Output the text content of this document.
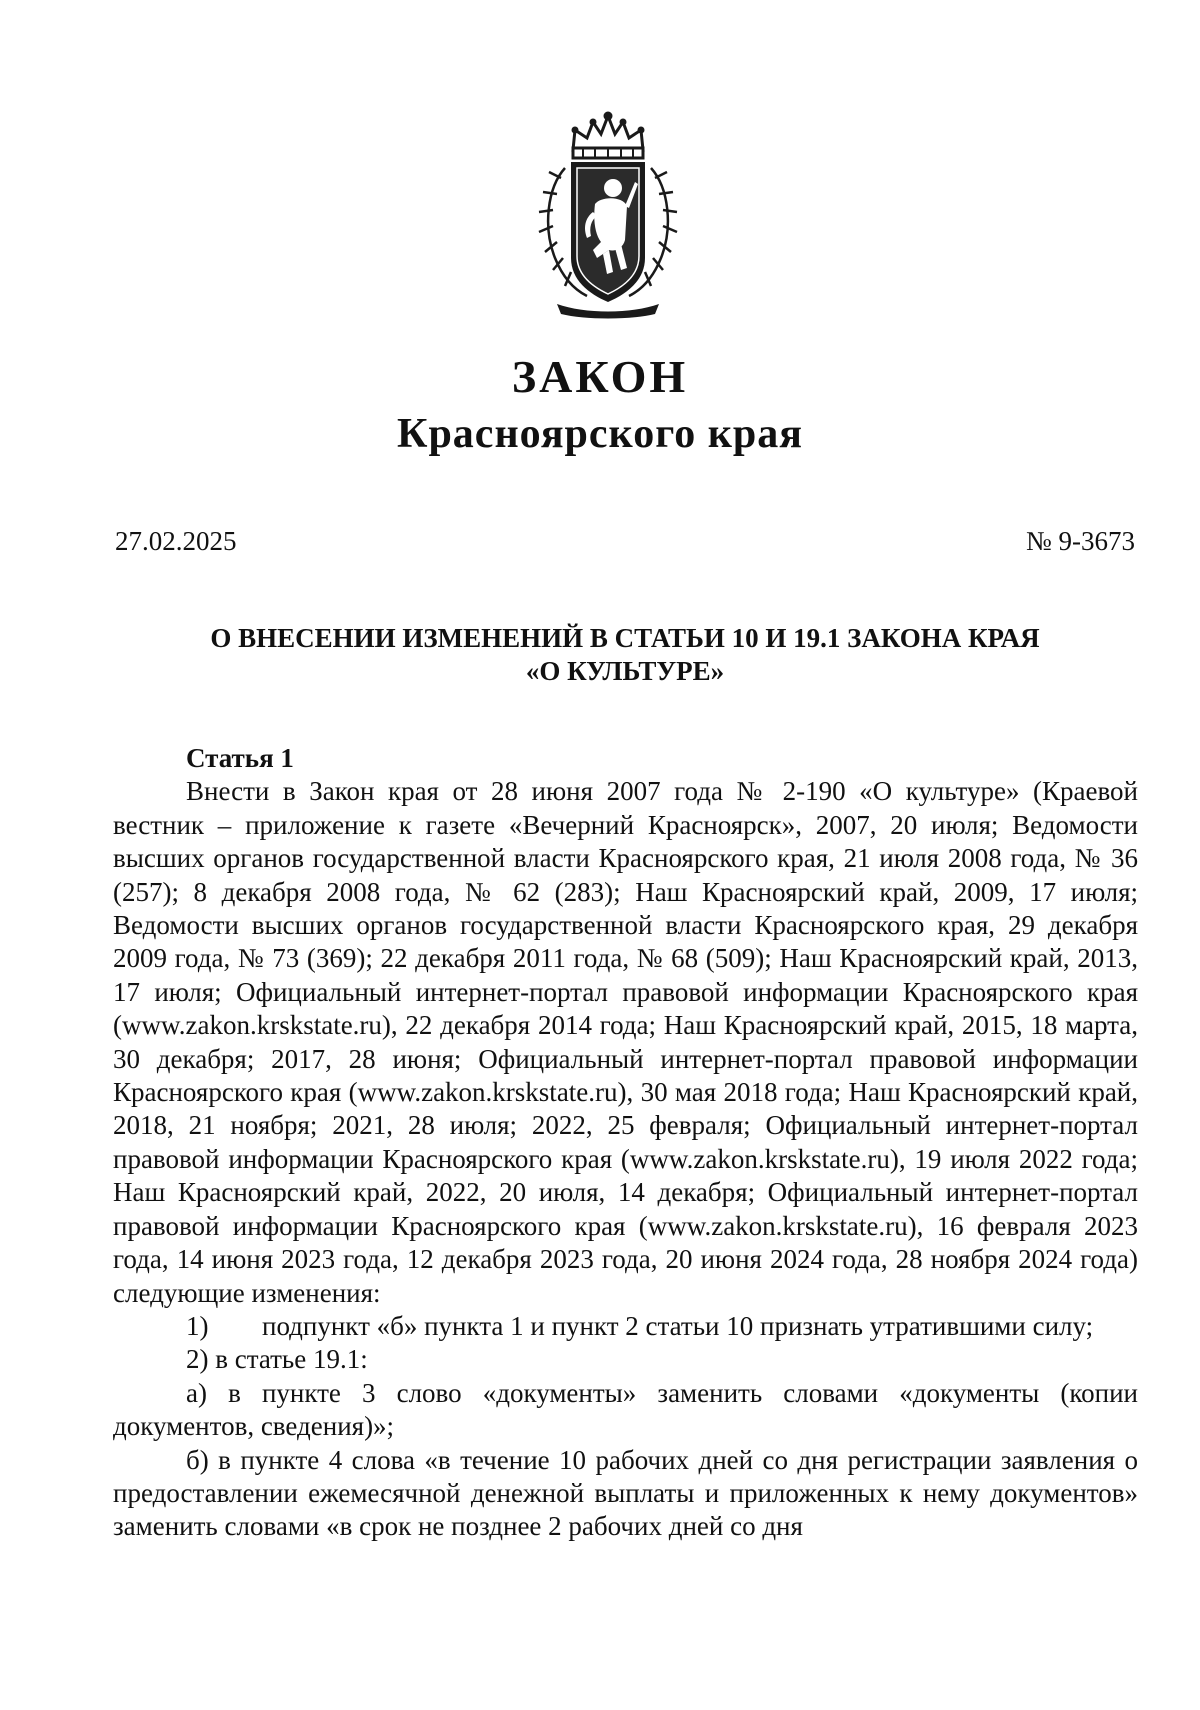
ЗАКОН
Красноярского края
27.02.2025	№ 9-3673
О ВНЕСЕНИИ ИЗМЕНЕНИЙ В СТАТЬИ 10 И 19.1 ЗАКОНА КРАЯ
«О КУЛЬТУРЕ»

Статья 1

Внести в Закон края от 28 июня 2007 года № 2-190 «О культуре» (Краевой вестник – приложение к газете «Вечерний Красноярск», 2007, 20 июля; Ведомости высших органов государственной власти Красноярского края, 21 июля 2008 года, № 36 (257); 8 декабря 2008 года, № 62 (283); Наш Красноярский край, 2009, 17 июля; Ведомости высших органов государственной власти Красноярского края, 29 декабря 2009 года, № 73 (369); 22 декабря 2011 года, № 68 (509); Наш Красноярский край, 2013, 17 июля; Официальный интернет-портал правовой информации Красноярского края (www.zakon.krskstate.ru), 22 декабря 2014 года; Наш Красноярский край, 2015, 18 марта, 30 декабря; 2017, 28 июня; Официальный интернет-портал правовой информации Красноярского края (www.zakon.krskstate.ru), 30 мая 2018 года; Наш Красноярский край, 2018, 21 ноября; 2021, 28 июля; 2022, 25 февраля; Официальный интернет-портал правовой информации Красноярского края (www.zakon.krskstate.ru), 19 июля 2022 года; Наш Красноярский край, 2022, 20 июля, 14 декабря; Официальный интернет-портал правовой информации Красноярского края (www.zakon.krskstate.ru), 16 февраля 2023 года, 14 июня 2023 года, 12 декабря 2023 года, 20 июня 2024 года, 28 ноября 2024 года) следующие изменения:

1) подпункт «б» пункта 1 и пункт 2 статьи 10 признать утратившими силу;

2) в статье 19.1:

а) в пункте 3 слово «документы» заменить словами «документы (копии документов, сведения)»;

б) в пункте 4 слова «в течение 10 рабочих дней со дня регистрации заявления о предоставлении ежемесячной денежной выплаты и приложенных к нему документов» заменить словами «в срок не позднее 2 рабочих дней со дня
